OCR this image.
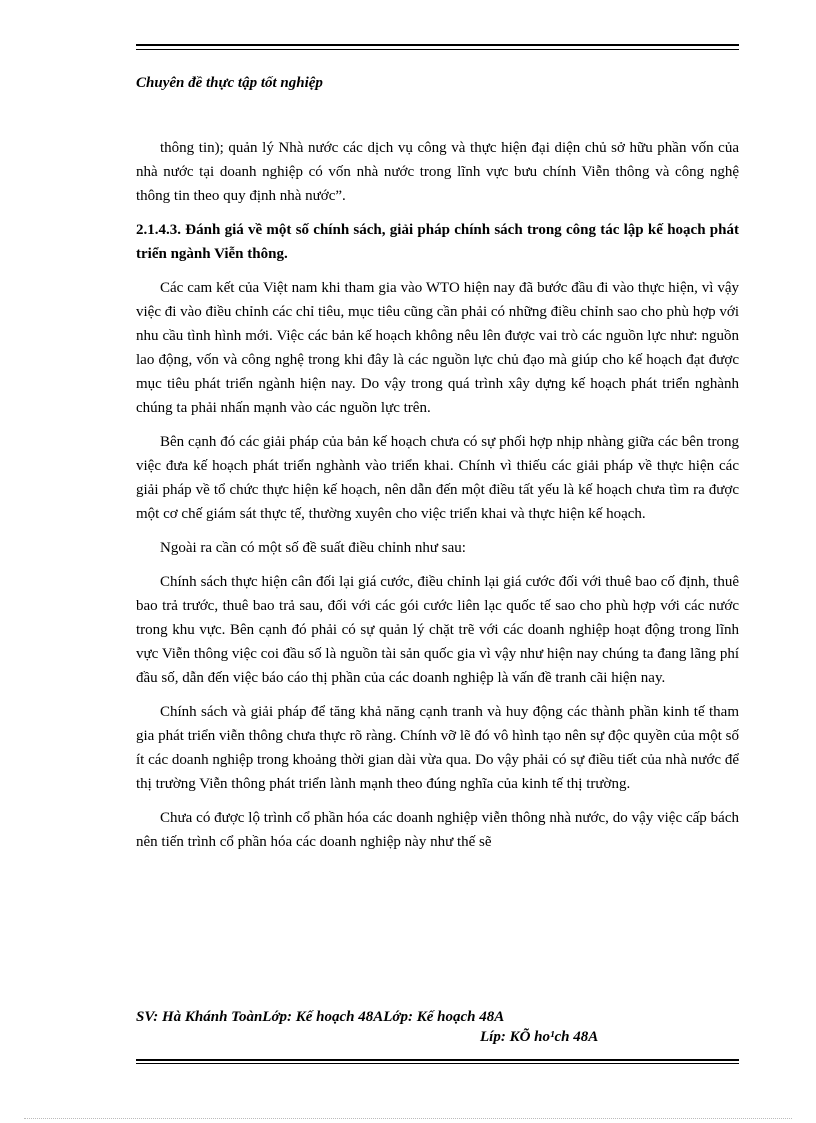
Chuyên đề thực tập tốt nghiệp

thông tin); quản lý Nhà nước các dịch vụ công và thực hiện đại diện chủ sở hữu phần vốn của nhà nước tại doanh nghiệp có vốn nhà nước trong lĩnh vực bưu chính Viễn thông và công nghệ thông tin theo quy định nhà nước”.

2.1.4.3. Đánh giá về một số chính sách, giải pháp chính sách trong công tác lập kế hoạch phát triển ngành Viễn thông.

Các cam kết của Việt nam khi tham gia vào WTO hiện nay đã bước đầu đi vào thực hiện, vì vậy việc đi vào điều chỉnh các chỉ tiêu, mục tiêu cũng cần phải có những điều chỉnh sao cho phù hợp với nhu cầu tình hình mới. Việc các bản kế hoạch không nêu lên được vai trò các nguồn lực như: nguồn lao động, vốn và công nghệ trong khi đây là các nguồn lực chủ đạo mà giúp cho kế hoạch đạt được mục tiêu phát triển ngành hiện nay. Do vậy trong quá trình xây dựng kế hoạch phát triển nghành chúng ta phải nhấn mạnh vào các nguồn lực trên.

Bên cạnh đó các giải pháp của bản kế hoạch chưa có sự phối hợp nhịp nhàng giữa các bên trong việc đưa kế hoạch phát triển nghành vào triển khai. Chính vì thiếu các giải pháp về thực hiện các giải pháp về tổ chức thực hiện kế hoạch, nên dẫn đến một điều tất yếu là kế hoạch chưa tìm ra được một cơ chế giám sát thực tế, thường xuyên cho việc triển khai và thực hiện kế hoạch.

Ngoài ra cần có một số đề suất điều chỉnh như sau:

Chính sách thực hiện cân đối lại giá cước, điều chỉnh lại giá cước đối với thuê bao cố định, thuê bao trả trước, thuê bao trả sau, đối với các gói cước liên lạc quốc tế sao cho phù hợp với các nước trong khu vực. Bên cạnh đó phải có sự quản lý chặt trẽ với các doanh nghiệp hoạt động trong lĩnh vực Viễn thông việc coi đầu số là nguồn tài sản quốc gia vì vậy như hiện nay chúng ta đang lãng phí đầu số, dẫn đến việc báo cáo thị phần của các doanh nghiệp là vấn đề tranh cãi hiện nay.

Chính sách và giải pháp để tăng khả năng cạnh tranh và huy động các thành phần kinh tế tham gia phát triển viễn thông chưa thực rõ ràng. Chính vỡ lẽ đó vô hình tạo nên sự độc quyền của một số ít các doanh nghiệp trong khoảng thời gian dài vừa qua. Do vậy phải có sự điều tiết của nhà nước để thị trường Viễn thông phát triển lành mạnh theo đúng nghĩa của kinh tế thị trường.

Chưa có được lộ trình cổ phần hóa các doanh nghiệp viễn thông nhà nước, do vậy việc cấp bách nên tiến trình cổ phần hóa các doanh nghiệp này như thế sẽ

SV: Hà Khánh ToànLớp: Kế hoạch 48ALớp: Kế hoạch 48A
Líp: KÕ ho¹ch 48A
